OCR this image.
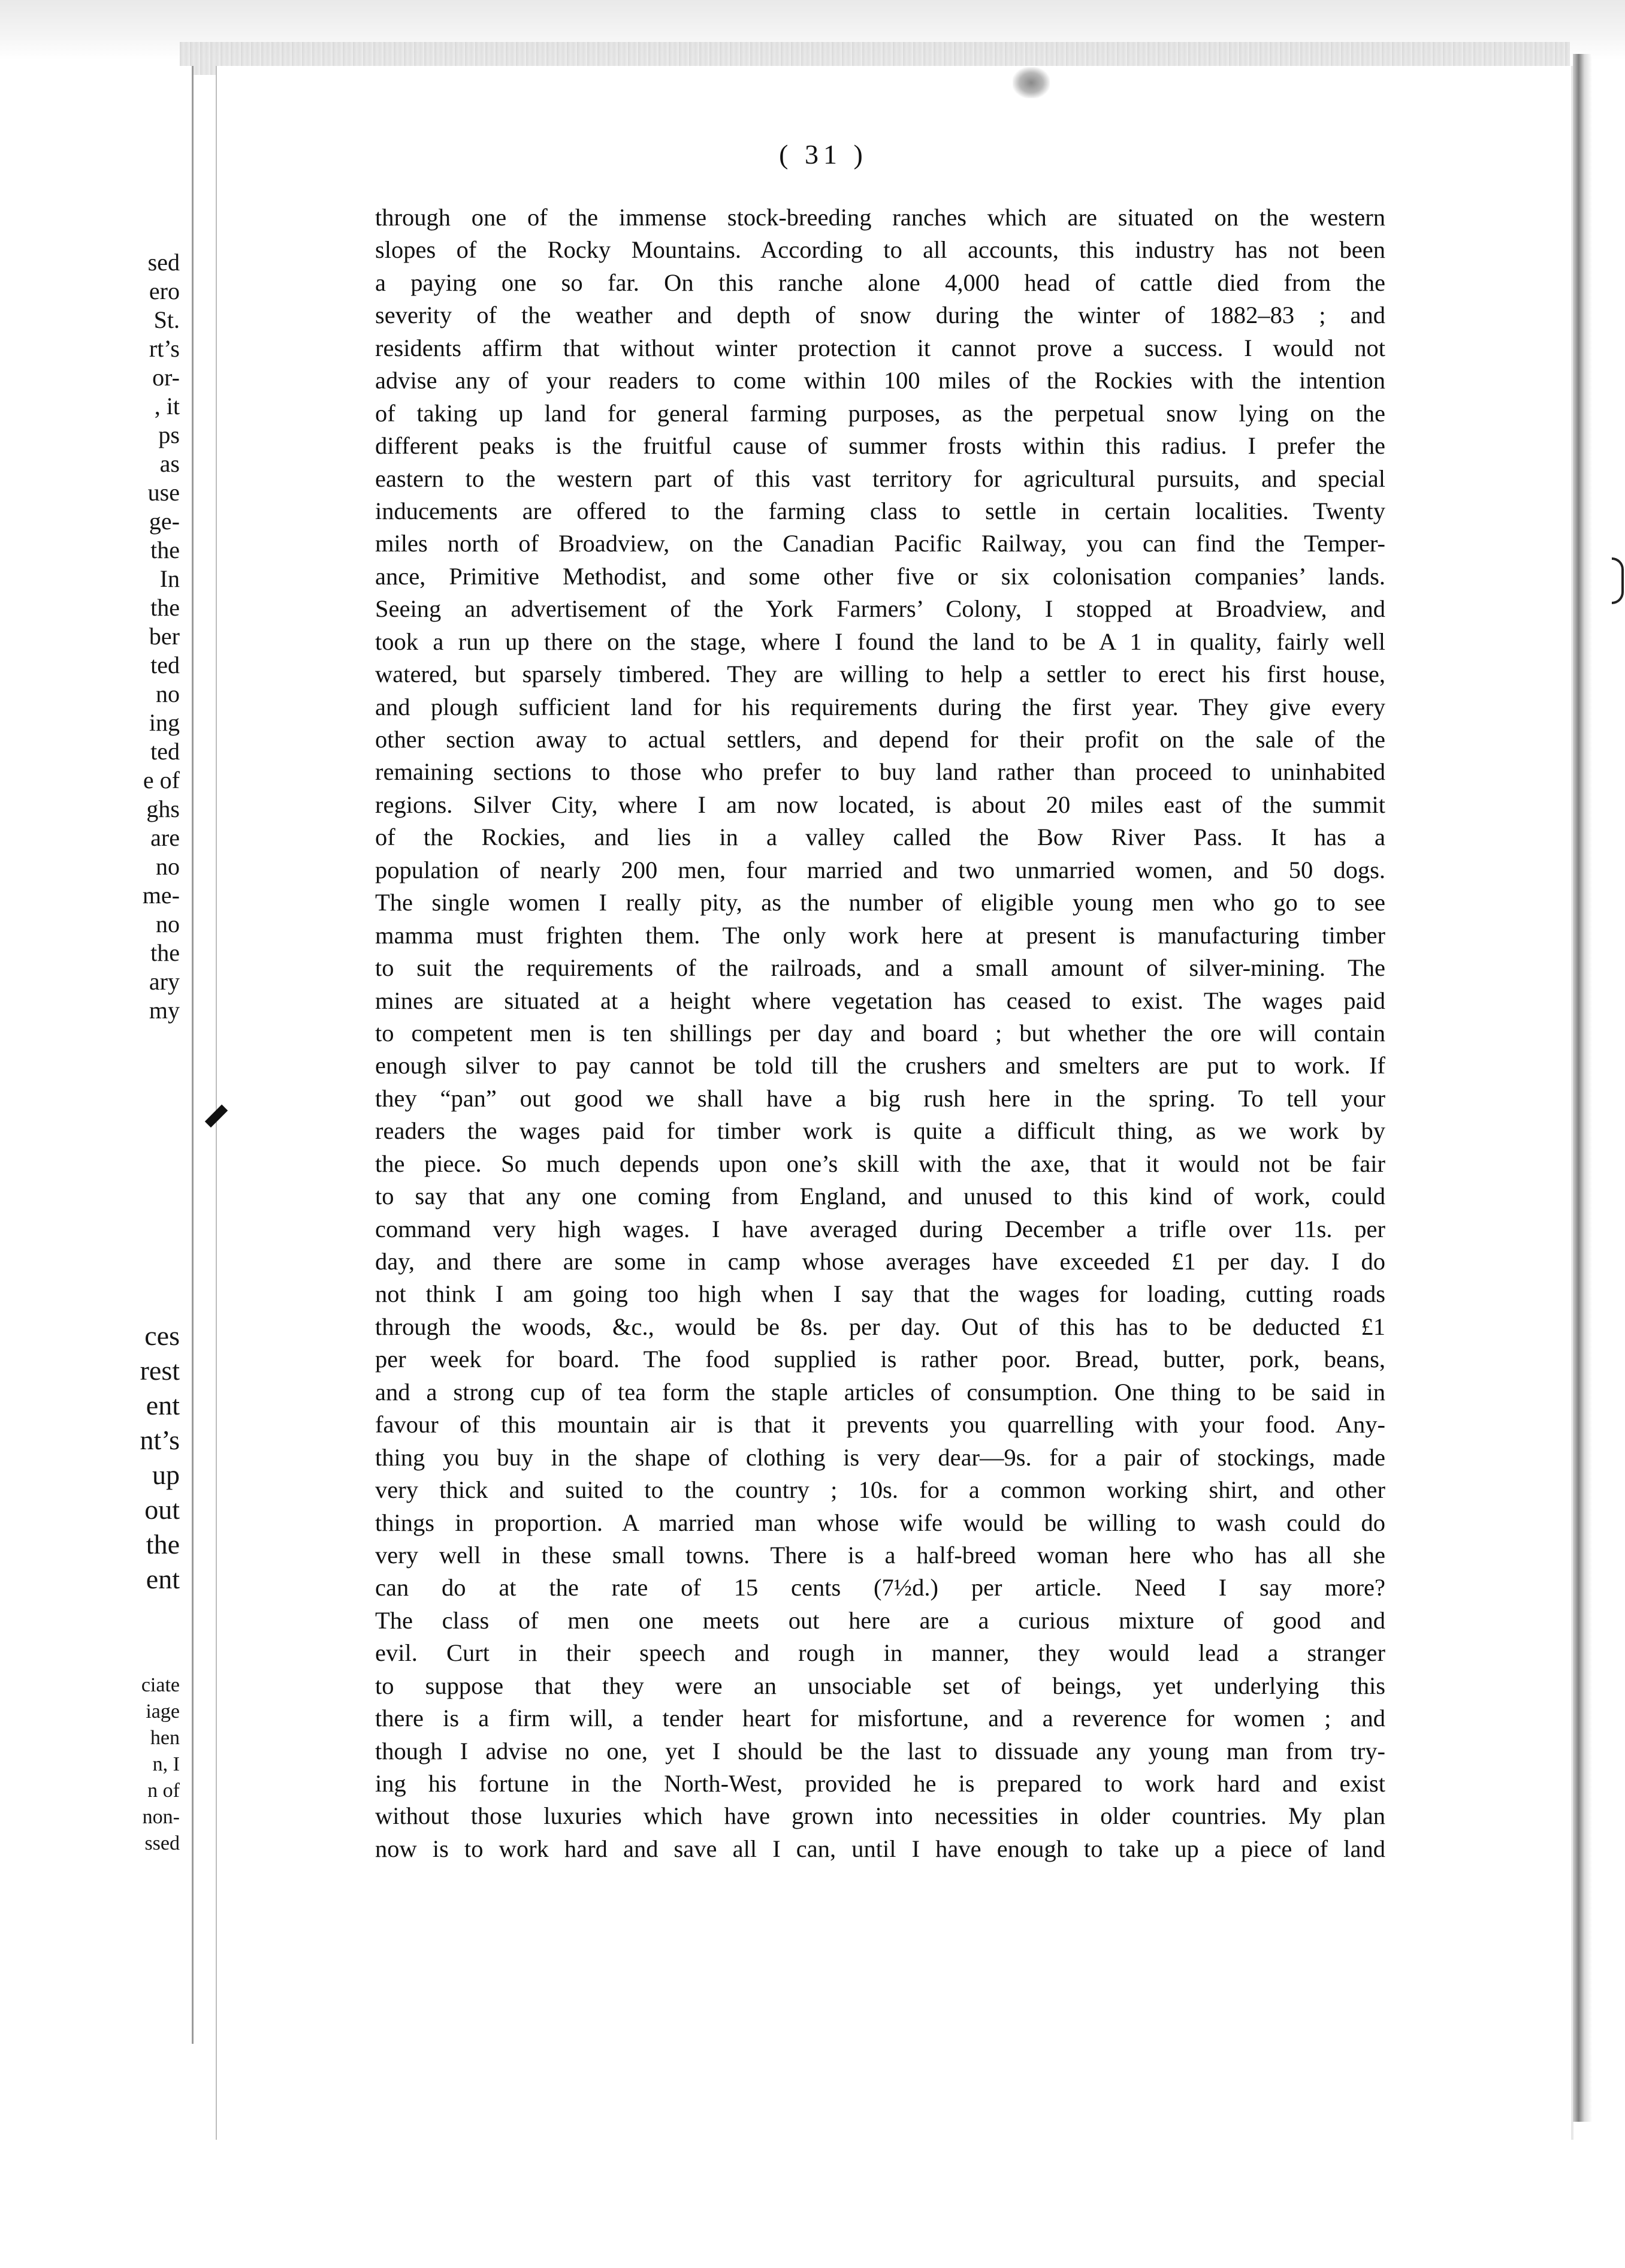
sed
ero
St.
rt’s
or-
, it
ps
as
use
ge-
the
In
the
ber
ted
no
ing
ted
e of
ghs
are
no
me-
no
the
ary
my
ces
rest
ent
nt’s
up
out
the
ent
ciate
iage
hen
n, I
n of
non-
ssed

( 31 )

through one of the immense stock-breeding ranches which are situated on the western
slopes of the Rocky Mountains. According to all accounts, this industry has not been
a paying one so far. On this ranche alone 4,000 head of cattle died from the
severity of the weather and depth of snow during the winter of 1882–83 ; and
residents affirm that without winter protection it cannot prove a success. I would not
advise any of your readers to come within 100 miles of the Rockies with the intention
of taking up land for general farming purposes, as the perpetual snow lying on the
different peaks is the fruitful cause of summer frosts within this radius. I prefer the
eastern to the western part of this vast territory for agricultural pursuits, and special
inducements are offered to the farming class to settle in certain localities. Twenty
miles north of Broadview, on the Canadian Pacific Railway, you can find the Temper-
ance, Primitive Methodist, and some other five or six colonisation companies’ lands.
Seeing an advertisement of the York Farmers’ Colony, I stopped at Broadview, and
took a run up there on the stage, where I found the land to be A 1 in quality, fairly well
watered, but sparsely timbered. They are willing to help a settler to erect his first house,
and plough sufficient land for his requirements during the first year. They give every
other section away to actual settlers, and depend for their profit on the sale of the
remaining sections to those who prefer to buy land rather than proceed to uninhabited
regions. Silver City, where I am now located, is about 20 miles east of the summit
of the Rockies, and lies in a valley called the Bow River Pass. It has a
population of nearly 200 men, four married and two unmarried women, and 50 dogs.
The single women I really pity, as the number of eligible young men who go to see
mamma must frighten them. The only work here at present is manufacturing timber
to suit the requirements of the railroads, and a small amount of silver-mining. The
mines are situated at a height where vegetation has ceased to exist. The wages paid
to competent men is ten shillings per day and board ; but whether the ore will contain
enough silver to pay cannot be told till the crushers and smelters are put to work. If
they “pan” out good we shall have a big rush here in the spring. To tell your
readers the wages paid for timber work is quite a difficult thing, as we work by
the piece. So much depends upon one’s skill with the axe, that it would not be fair
to say that any one coming from England, and unused to this kind of work, could
command very high wages. I have averaged during December a trifle over 11s. per
day, and there are some in camp whose averages have exceeded £1 per day. I do
not think I am going too high when I say that the wages for loading, cutting roads
through the woods, &c., would be 8s. per day. Out of this has to be deducted £1
per week for board. The food supplied is rather poor. Bread, butter, pork, beans,
and a strong cup of tea form the staple articles of consumption. One thing to be said in
favour of this mountain air is that it prevents you quarrelling with your food. Any-
thing you buy in the shape of clothing is very dear—9s. for a pair of stockings, made
very thick and suited to the country ; 10s. for a common working shirt, and other
things in proportion. A married man whose wife would be willing to wash could do
very well in these small towns. There is a half-breed woman here who has all she
can do at the rate of 15 cents (7½d.) per article. Need I say more?
The class of men one meets out here are a curious mixture of good and
evil. Curt in their speech and rough in manner, they would lead a stranger
to suppose that they were an unsociable set of beings, yet underlying this
there is a firm will, a tender heart for misfortune, and a reverence for women ; and
though I advise no one, yet I should be the last to dissuade any young man from try-
ing his fortune in the North-West, provided he is prepared to work hard and exist
without those luxuries which have grown into necessities in older countries. My plan
now is to work hard and save all I can, until I have enough to take up a piece of land
